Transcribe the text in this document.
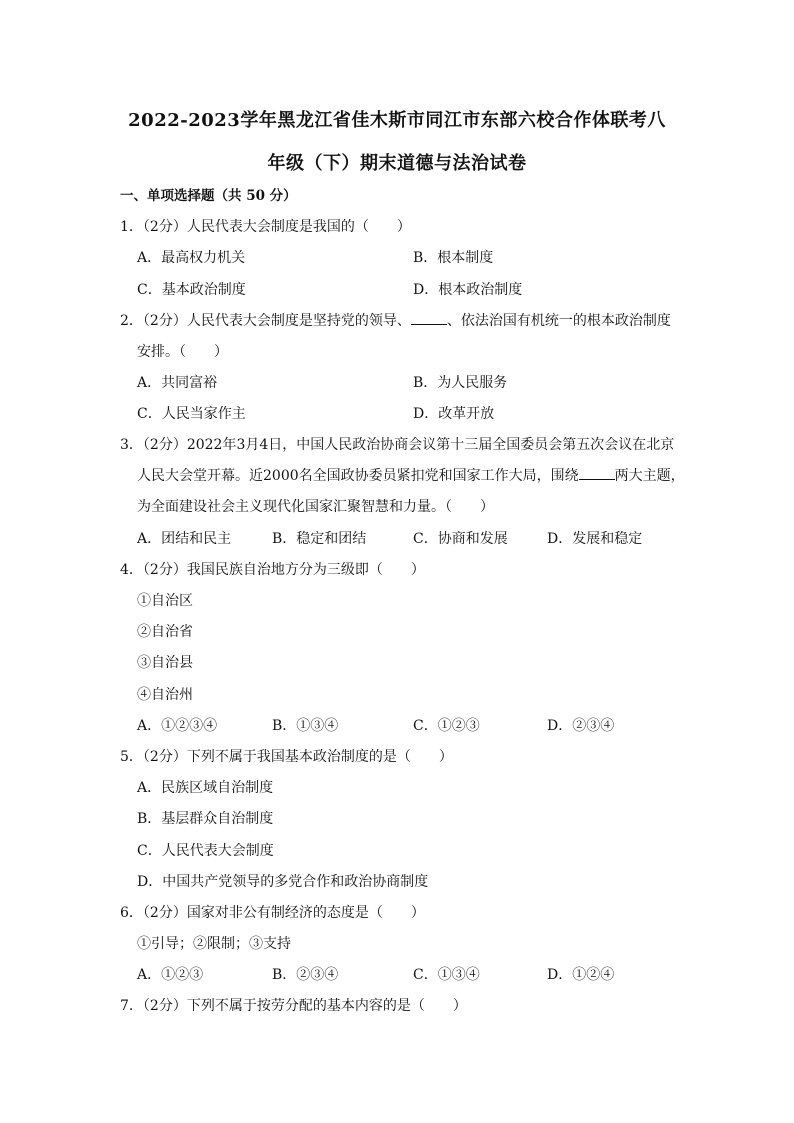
2022-2023学年黑龙江省佳木斯市同江市东部六校合作体联考八
年级（下）期末道德与法治试卷
一、单项选择题（共 50 分）
1．（2分）人民代表大会制度是我国的（　　）
A．最高权力机关	B．根本制度
C．基本政治制度	D．根本政治制度
2．（2分）人民代表大会制度是坚持党的领导、	、依法治国有机统一的根本政治制度
安排。（　　）
A．共同富裕	B．为人民服务
C．人民当家作主	D．改革开放
3．（2分）2022年3月4日，中国人民政治协商会议第十三届全国委员会第五次会议在北京
人民大会堂开幕。近2000名全国政协委员紧扣党和国家工作大局，围绕	两大主题，
为全面建设社会主义现代化国家汇聚智慧和力量。（　　）
A．团结和民主	B．稳定和团结	C．协商和发展	D．发展和稳定
4．（2分）我国民族自治地方分为三级即（　　）
①自治区
②自治省
③自治县
④自治州
A．①②③④	B．①③④	C．①②③	D．②③④
5．（2分）下列不属于我国基本政治制度的是（　　）
A．民族区域自治制度
B．基层群众自治制度
C．人民代表大会制度
D．中国共产党领导的多党合作和政治协商制度
6．（2分）国家对非公有制经济的态度是（　　）
①引导；②限制；③支持
A．①②③	B．②③④	C．①③④	D．①②④
7．（2分）下列不属于按劳分配的基本内容的是（　　）
